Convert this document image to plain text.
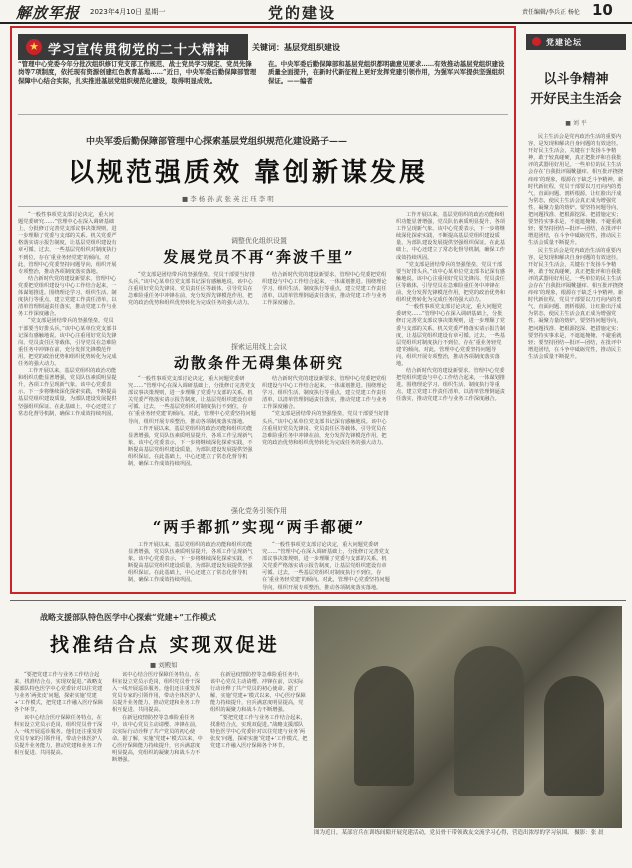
解放军报 2023年4月10日 星期一	党的建设	责任编辑/李兵正 杨伦 10
★ 学习宣传贯彻党的二十大精神	关键词：基层党组织建设

“管理中心党委今年分批次组织修订党支部工作规范、战士党员学习规定、党员先锋岗等7项制度，依托现有资源创建红色教育基地……”近日，中央军委后勤保障部管理保障中心结合实际，扎实推进基层党组织规范化建设，取得明显成效。

在。中央军委后勤保障部和基层党组织都明确意见要求……有效推动基层党组织建设质量全面提升，在新时代新征程上更好发挥党建引领作用，为强军兴军提供坚强组织保证。——编者

中央军委后勤保障部管理中心探索基层党组织规范化建设路子——
以规范强质效 靠创新谋发展
■ 李 杨 孙 武 张 英 汪 珏 李 明

“一般性事项党支部讨论决定，重大问题党委研究……”管理中心在深入调研基础上，分批修订完善党支部议事决策规则，进一步理顺了党委与支部的关系。机关党委严格落实请示报告制度，让基层党组织建设有章可循。过去，一些基层党组织对制度执行不到位，存在‘重业务轻党建’的倾向。对此，管理中心党委坚持问题导向，组织开展专项整治，推动各项制度落实落地。

结合新时代党的建设新要求，管理中心党委把党组织建设与中心工作结合起来，一体谋划推进。围绕理论学习、组织生活、制度执行等重点，建立党建工作责任清单，以清单管理倒逼责任落实，推动党建工作与业务工作深度融合。

“党支部是团结带兵的坚强堡垒，党员干部要当好排头兵。”该中心某单位党支部书记深有感触地说。该中心注重用好党员先锋岗、党员责任区等载体，引导党员在急难险重任务中冲锋在前，充分发挥先锋模范作用，把党的政治优势和组织优势转化为完成任务的强大动力。

工作开展以来，基层党组织的政治功能和组织功能显著增强，党员队伍素质明显提升，各项工作呈现新气象。该中心党委表示，下一步将继续深化探索实践，不断提高基层党组织建设质量，为部队建设发展提供坚强组织保证。在此基础上，中心还建立了常态化督导机制，确保工作成效持续巩固。

工作开展以来，基层党组织的政治功能和组织功能显著增强，党员队伍素质明显提升，各项工作呈现新气象。该中心党委表示，下一步将继续深化探索实践，不断提高基层党组织建设质量，为部队建设发展提供坚强组织保证。在此基础上，中心还建立了常态化督导机制，确保工作成效持续巩固。

“党支部是团结带兵的坚强堡垒，党员干部要当好排头兵。”该中心某单位党支部书记深有感触地说。该中心注重用好党员先锋岗、党员责任区等载体，引导党员在急难险重任务中冲锋在前，充分发挥先锋模范作用，把党的政治优势和组织优势转化为完成任务的强大动力。

“一般性事项党支部讨论决定，重大问题党委研究……”管理中心在深入调研基础上，分批修订完善党支部议事决策规则，进一步理顺了党委与支部的关系。机关党委严格落实请示报告制度，让基层党组织建设有章可循。过去，一些基层党组织对制度执行不到位，存在‘重业务轻党建’的倾向。对此，管理中心党委坚持问题导向，组织开展专项整治，推动各项制度落实落地。

结合新时代党的建设新要求，管理中心党委把党组织建设与中心工作结合起来，一体谋划推进。围绕理论学习、组织生活、制度执行等重点，建立党建工作责任清单，以清单管理倒逼责任落实，推动党建工作与业务工作深度融合。

调整优化组织设置
发展党员不再“奔波千里”

“党支部是团结带兵的坚强堡垒，党员干部要当好排头兵。”该中心某单位党支部书记深有感触地说。该中心注重用好党员先锋岗、党员责任区等载体，引导党员在急难险重任务中冲锋在前，充分发挥先锋模范作用，把党的政治优势和组织优势转化为完成任务的强大动力。

结合新时代党的建设新要求，管理中心党委把党组织建设与中心工作结合起来，一体谋划推进。围绕理论学习、组织生活、制度执行等重点，建立党建工作责任清单，以清单管理倒逼责任落实，推动党建工作与业务工作深度融合。

探索运用线上会议
动散条件无碍集体研究

“一般性事项党支部讨论决定，重大问题党委研究……”管理中心在深入调研基础上，分批修订完善党支部议事决策规则，进一步理顺了党委与支部的关系。机关党委严格落实请示报告制度，让基层党组织建设有章可循。过去，一些基层党组织对制度执行不到位，存在‘重业务轻党建’的倾向。对此，管理中心党委坚持问题导向，组织开展专项整治，推动各项制度落实落地。

工作开展以来，基层党组织的政治功能和组织功能显著增强，党员队伍素质明显提升，各项工作呈现新气象。该中心党委表示，下一步将继续深化探索实践，不断提高基层党组织建设质量，为部队建设发展提供坚强组织保证。在此基础上，中心还建立了常态化督导机制，确保工作成效持续巩固。

结合新时代党的建设新要求，管理中心党委把党组织建设与中心工作结合起来，一体谋划推进。围绕理论学习、组织生活、制度执行等重点，建立党建工作责任清单，以清单管理倒逼责任落实，推动党建工作与业务工作深度融合。

“党支部是团结带兵的坚强堡垒，党员干部要当好排头兵。”该中心某单位党支部书记深有感触地说。该中心注重用好党员先锋岗、党员责任区等载体，引导党员在急难险重任务中冲锋在前，充分发挥先锋模范作用，把党的政治优势和组织优势转化为完成任务的强大动力。

强化党务引领作用
“两手都抓”实现“两手都硬”

工作开展以来，基层党组织的政治功能和组织功能显著增强，党员队伍素质明显提升，各项工作呈现新气象。该中心党委表示，下一步将继续深化探索实践，不断提高基层党组织建设质量，为部队建设发展提供坚强组织保证。在此基础上，中心还建立了常态化督导机制，确保工作成效持续巩固。

“一般性事项党支部讨论决定，重大问题党委研究……”管理中心在深入调研基础上，分批修订完善党支部议事决策规则，进一步理顺了党委与支部的关系。机关党委严格落实请示报告制度，让基层党组织建设有章可循。过去，一些基层党组织对制度执行不到位，存在‘重业务轻党建’的倾向。对此，管理中心党委坚持问题导向，组织开展专项整治，推动各项制度落实落地。

党建论坛
以斗争精神
开好民主生活会
■ 刘 平

民主生活会是党内政治生活的重要内容，是发现和解决自身问题的有效途径。开好民主生活会，关键在于发扬斗争精神，敢于较真碰硬，真正把批评和自我批评的武器用好用足。一些单位的民主生活会存在‘自我批评隔靴搔痒、相互批评挠挠痒痒’的现象，根源在于缺乏斗争精神。新时代新征程，党员干部要以刀刃向内的勇气，直面问题、剖析根源，让红脸出汗成为常态，使民主生活会真正成为增强党性、凝聚力量的熔炉。要坚持问题导向，把问题找准、把根源挖深、把措施定实；要坚持实事求是，不遮遮掩掩、不避重就轻；要坚持团结—批评—团结，在批评中增进团结，在斗争中砥砺党性，推动民主生活会质量不断提升。

民主生活会是党内政治生活的重要内容，是发现和解决自身问题的有效途径。开好民主生活会，关键在于发扬斗争精神，敢于较真碰硬，真正把批评和自我批评的武器用好用足。一些单位的民主生活会存在‘自我批评隔靴搔痒、相互批评挠挠痒痒’的现象，根源在于缺乏斗争精神。新时代新征程，党员干部要以刀刃向内的勇气，直面问题、剖析根源，让红脸出汗成为常态，使民主生活会真正成为增强党性、凝聚力量的熔炉。要坚持问题导向，把问题找准、把根源挖深、把措施定实；要坚持实事求是，不遮遮掩掩、不避重就轻；要坚持团结—批评—团结，在批评中增进团结，在斗争中砥砺党性，推动民主生活会质量不断提升。

战略支援部队特色医学中心探索“党建+”工作模式
找准结合点 实现双促进
■ 刘殿如

“要把党建工作与业务工作结合起来，找准结合点，实现双促进。”战略支援部队特色医学中心党委针对以往党建与业务‘两张皮’问题，探索实施‘党建+’工作模式，把党建工作融入医疗保障各个环节。

该中心结合医疗保障任务特点，在科室设立党员示范岗，组织党员骨干深入一线开展巡诊服务。他们还注重发挥党员专家的引领作用，带动全体医护人员提升业务能力，推动党建和业务工作相互促进、共同提高。

该中心结合医疗保障任务特点，在科室设立党员示范岗，组织党员骨干深入一线开展巡诊服务。他们还注重发挥党员专家的引领作用，带动全体医护人员提升业务能力，推动党建和业务工作相互促进、共同提高。

在新冠疫情防控等急难险重任务中，该中心党员主动请缨、冲锋在前，以实际行动诠释了共产党员的初心使命。据了解，实施‘党建+’模式以来，中心医疗保障能力持续提升，官兵满意度明显提高，党组织的凝聚力和战斗力不断增强。

在新冠疫情防控等急难险重任务中，该中心党员主动请缨、冲锋在前，以实际行动诠释了共产党员的初心使命。据了解，实施‘党建+’模式以来，中心医疗保障能力持续提升，官兵满意度明显提高，党组织的凝聚力和战斗力不断增强。

“要把党建工作与业务工作结合起来，找准结合点，实现双促进。”战略支援部队特色医学中心党委针对以往党建与业务‘两张皮’问题，探索实施‘党建+’工作模式，把党建工作融入医疗保障各个环节。

图为近日，某部官兵在训练间隙开展党建活动，党员骨干带领战友交流学习心得，营造出浓厚的学习氛围。 摄影：张 晨
